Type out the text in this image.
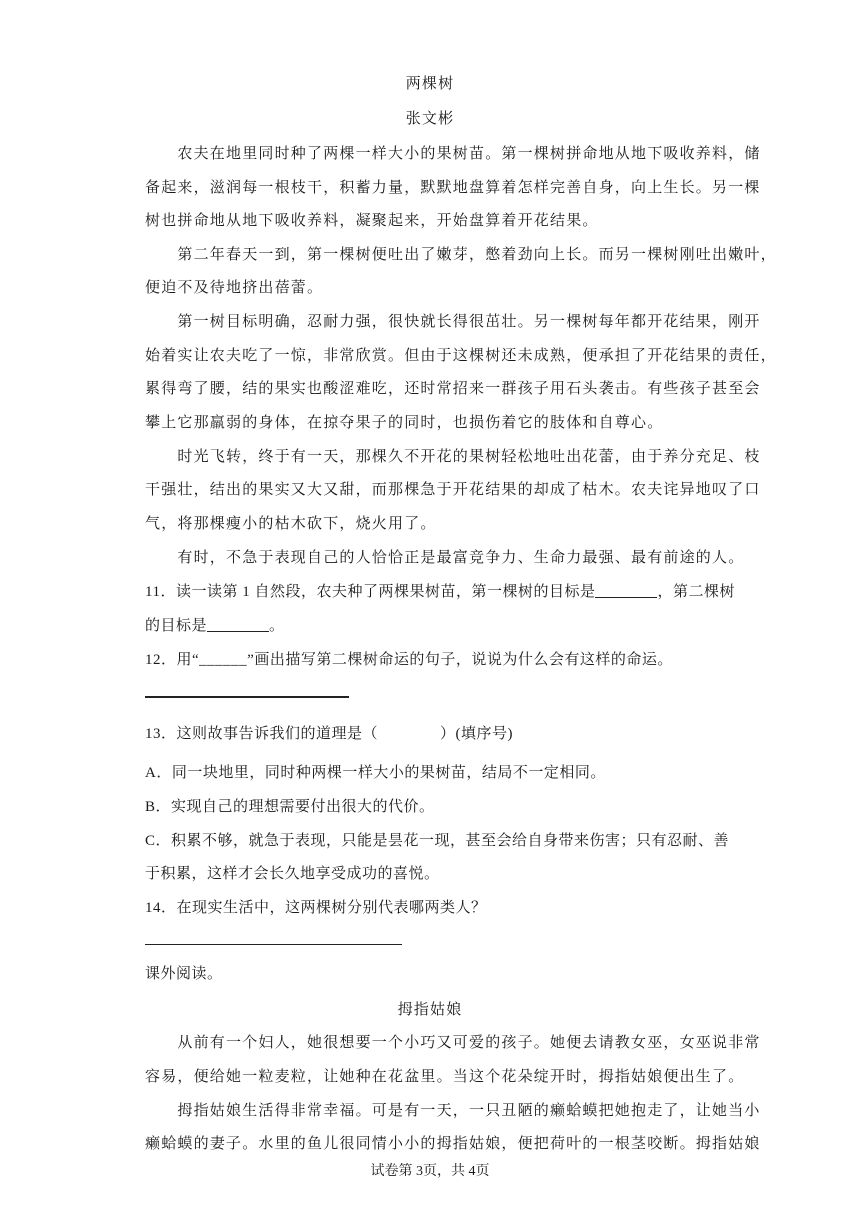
两棵树
张文彬
　　农夫在地里同时种了两棵一样大小的果树苗。第一棵树拼命地从地下吸收养料，储
备起来，滋润每一根枝干，积蓄力量，默默地盘算着怎样完善自身，向上生长。另一棵
树也拼命地从地下吸收养料，凝聚起来，开始盘算着开花结果。
　　第二年春天一到，第一棵树便吐出了嫩芽，憋着劲向上长。而另一棵树刚吐出嫩叶，
便迫不及待地挤出蓓蕾。
　　第一树目标明确，忍耐力强，很快就长得很茁壮。另一棵树每年都开花结果，刚开
始着实让农夫吃了一惊，非常欣赏。但由于这棵树还未成熟，便承担了开花结果的责任，
累得弯了腰，结的果实也酸涩难吃，还时常招来一群孩子用石头袭击。有些孩子甚至会
攀上它那羸弱的身体，在掠夺果子的同时，也损伤着它的肢体和自尊心。
　　时光飞转，终于有一天，那棵久不开花的果树轻松地吐出花蕾，由于养分充足、枝
干强壮，结出的果实又大又甜，而那棵急于开花结果的却成了枯木。农夫诧异地叹了口
气，将那棵瘦小的枯木砍下，烧火用了。
　　有时，不急于表现自己的人恰恰正是最富竞争力、生命力最强、最有前途的人。
11．读一读第 1 自然段，农夫种了两棵果树苗，第一棵树的目标是	，第二棵树
的目标是	。
12．用“______”画出描写第二棵树命运的句子，说说为什么会有这样的命运。
13．这则故事告诉我们的道理是（　　　　）(填序号)
A．同一块地里，同时种两棵一样大小的果树苗，结局不一定相同。
B．实现自己的理想需要付出很大的代价。
C．积累不够，就急于表现，只能是昙花一现，甚至会给自身带来伤害；只有忍耐、善
于积累，这样才会长久地享受成功的喜悦。
14．在现实生活中，这两棵树分别代表哪两类人？
课外阅读。
拇指姑娘
　　从前有一个妇人，她很想要一个小巧又可爱的孩子。她便去请教女巫，女巫说非常
容易，便给她一粒麦粒，让她种在花盆里。当这个花朵绽开时，拇指姑娘便出生了。
　　拇指姑娘生活得非常幸福。可是有一天，一只丑陋的癞蛤蟆把她抱走了，让她当小
癞蛤蟆的妻子。水里的鱼儿很同情小小的拇指姑娘，便把荷叶的一根茎咬断。拇指姑娘
试卷第 3页，共 4页
